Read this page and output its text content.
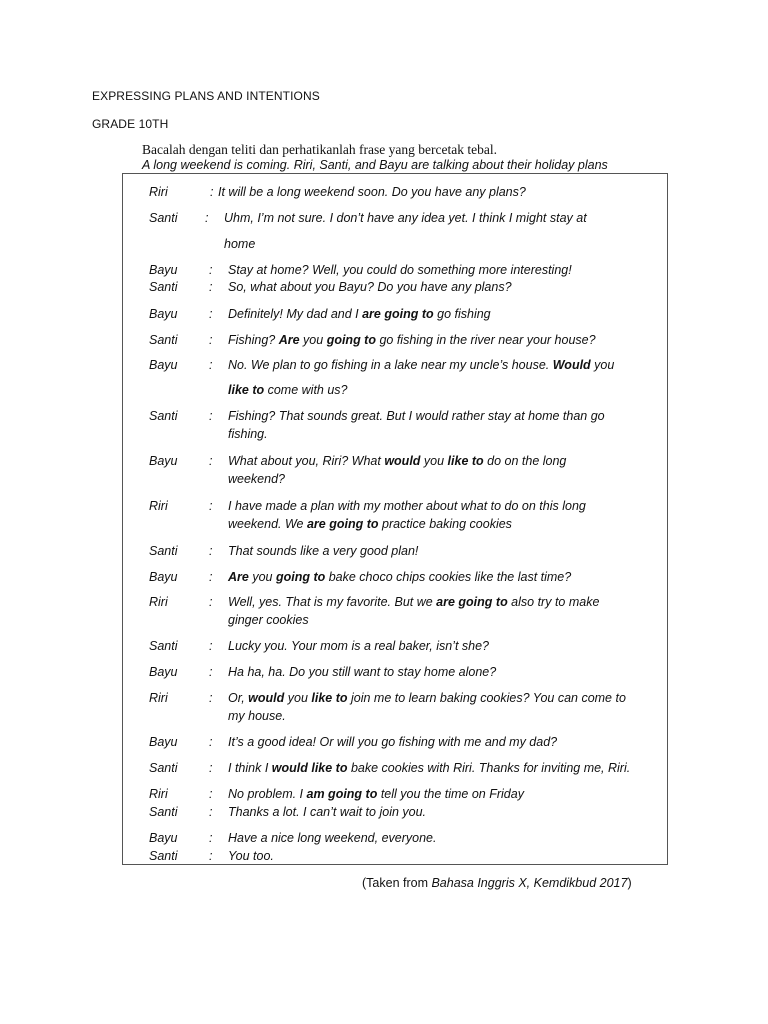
EXPRESSING PLANS AND INTENTIONS
GRADE 10TH
Bacalah dengan teliti dan perhatikanlah frase yang bercetak tebal.
A long weekend is coming. Riri, Santi, and Bayu are talking about their holiday plans
Riri	: It will be a long weekend soon. Do you have any plans?
Santi : Uhm, I’m not sure. I don’t have any idea yet. I think I might stay at
home
Bayu	: Stay at home? Well, you could do something more interesting!
Santi	: So, what about you Bayu? Do you have any plans?
Bayu	: Definitely! My dad and I are going to go fishing
Santi	: Fishing? Are you going to go fishing in the river near your house?
Bayu	: No. We plan to go fishing in a lake near my uncle’s house. Would you
like to come with us?
Santi	: Fishing? That sounds great. But I would rather stay at home than go
fishing.
Bayu	: What about you, Riri? What would you like to do on the long
weekend?
Riri	: I have made a plan with my mother about what to do on this long
weekend. We are going to practice baking cookies
Santi	: That sounds like a very good plan!
Bayu	: Are you going to bake choco chips cookies like the last time?
Riri	: Well, yes. That is my favorite. But we are going to also try to make
ginger cookies
Santi	: Lucky you. Your mom is a real baker, isn’t she?
Bayu	: Ha ha, ha. Do you still want to stay home alone?
Riri	: Or, would you like to join me to learn baking cookies? You can come to
my house.
Bayu	: It’s a good idea! Or will you go fishing with me and my dad?
Santi	: I think I would like to bake cookies with Riri. Thanks for inviting me, Riri.
Riri	: No problem. I am going to tell you the time on Friday
Santi	: Thanks a lot. I can’t wait to join you.
Bayu	: Have a nice long weekend, everyone.
Santi	: You too.
(Taken from Bahasa Inggris X, Kemdikbud 2017)
